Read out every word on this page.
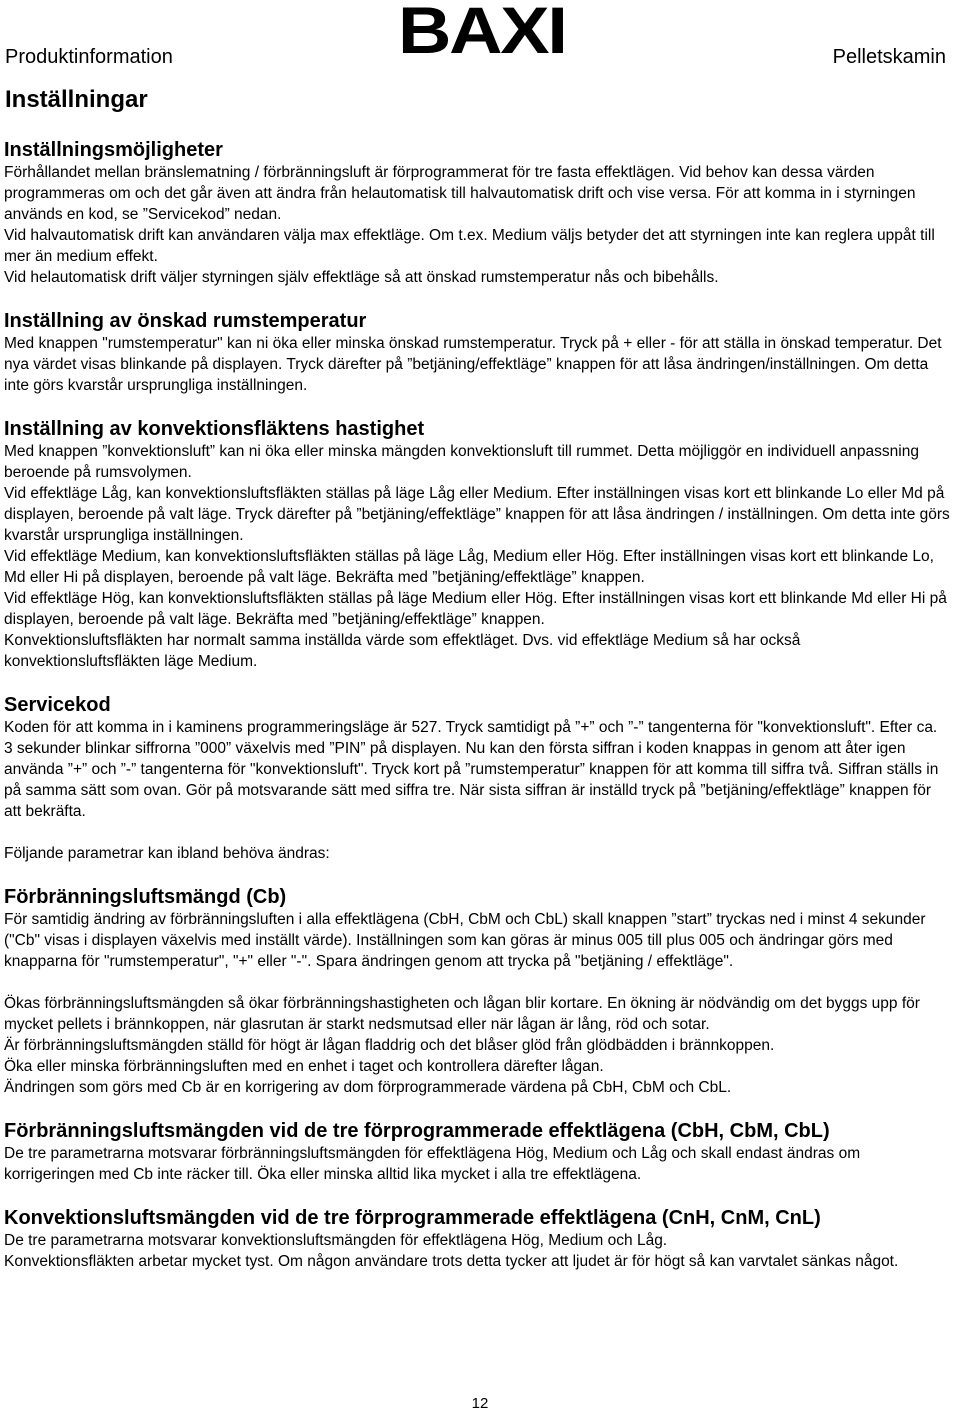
Produktinformation	BAXI	Pelletskamin
Inställningar
Inställningsmöjligheter

Förhållandet mellan bränslematning / förbränningsluft är förprogrammerat för tre fasta effektlägen. Vid behov kan dessa värden programmeras om och det går även att ändra från helautomatisk till halvautomatisk drift och vise versa. För att komma in i styrningen används en kod, se ”Servicekod” nedan.

Vid halvautomatisk drift kan användaren välja max effektläge. Om t.ex. Medium väljs betyder det att styrningen inte kan reglera uppåt till mer än medium effekt.

Vid helautomatisk drift väljer styrningen själv effektläge så att önskad rumstemperatur nås och bibehålls.

Inställning av önskad rumstemperatur

Med knappen "rumstemperatur" kan ni öka eller minska önskad rumstemperatur. Tryck på + eller - för att ställa in önskad temperatur. Det nya värdet visas blinkande på displayen. Tryck därefter på ”betjäning/effektläge” knappen för att låsa ändringen/inställningen. Om detta inte görs kvarstår ursprungliga inställningen.

Inställning av konvektionsfläktens hastighet

Med knappen ”konvektionsluft” kan ni öka eller minska mängden konvektionsluft till rummet. Detta möjliggör en individuell anpassning beroende på rumsvolymen.

Vid effektläge Låg, kan konvektionsluftsfläkten ställas på läge Låg eller Medium. Efter inställningen visas kort ett blinkande Lo eller Md på displayen, beroende på valt läge. Tryck därefter på ”betjäning/effektläge” knappen för att låsa ändringen / inställningen. Om detta inte görs kvarstår ursprungliga inställningen.

Vid effektläge Medium, kan konvektionsluftsfläkten ställas på läge Låg, Medium eller Hög. Efter inställningen visas kort ett blinkande Lo, Md eller Hi på displayen, beroende på valt läge. Bekräfta med ”betjäning/effektläge” knappen.

Vid effektläge Hög, kan konvektionsluftsfläkten ställas på läge Medium eller Hög. Efter inställningen visas kort ett blinkande Md eller Hi på displayen, beroende på valt läge. Bekräfta med ”betjäning/effektläge” knappen.

Konvektionsluftsfläkten har normalt samma inställda värde som effektläget. Dvs. vid effektläge Medium så har också konvektionsluftsfläkten läge Medium.

Servicekod

Koden för att komma in i kaminens programmeringsläge är 527. Tryck samtidigt på ”+” och ”-” tangenterna för "konvektionsluft". Efter ca. 3 sekunder blinkar siffrorna ”000” växelvis med ”PIN” på displayen. Nu kan den första siffran i koden knappas in genom att åter igen använda ”+” och ”-” tangenterna för "konvektionsluft". Tryck kort på ”rumstemperatur” knappen för att komma till siffra två. Siffran ställs in på samma sätt som ovan. Gör på motsvarande sätt med siffra tre. När sista siffran är inställd tryck på ”betjäning/effektläge” knappen för att bekräfta.

Följande parametrar kan ibland behöva ändras:

Förbränningsluftsmängd (Cb)

För samtidig ändring av förbränningsluften i alla effektlägena (CbH, CbM och CbL) skall knappen ”start” tryckas ned i minst 4 sekunder ("Cb" visas i displayen växelvis med inställt värde). Inställningen som kan göras är minus 005 till plus 005 och ändringar görs med knapparna för "rumstemperatur", "+" eller "-". Spara ändringen genom att trycka på "betjäning / effektläge".

Ökas förbränningsluftsmängden så ökar förbränningshastigheten och lågan blir kortare. En ökning är nödvändig om det byggs upp för mycket pellets i brännkoppen, när glasrutan är starkt nedsmutsad eller när lågan är lång, röd och sotar.

Är förbränningsluftsmängden ställd för högt är lågan fladdrig och det blåser glöd från glödbädden i brännkoppen.

Öka eller minska förbränningsluften med en enhet i taget och kontrollera därefter lågan.

Ändringen som görs med Cb är en korrigering av dom förprogrammerade värdena på CbH, CbM och CbL.

Förbränningsluftsmängden vid de tre förprogrammerade effektlägena (CbH, CbM, CbL)

De tre parametrarna motsvarar förbränningsluftsmängden för effektlägena Hög, Medium och Låg och skall endast ändras om korrigeringen med Cb inte räcker till. Öka eller minska alltid lika mycket i alla tre effektlägena.

Konvektionsluftsmängden vid de tre förprogrammerade effektlägena (CnH, CnM, CnL)

De tre parametrarna motsvarar konvektionsluftsmängden för effektlägena Hög, Medium och Låg.

Konvektionsfläkten arbetar mycket tyst. Om någon användare trots detta tycker att ljudet är för högt så kan varvtalet sänkas något.

12
